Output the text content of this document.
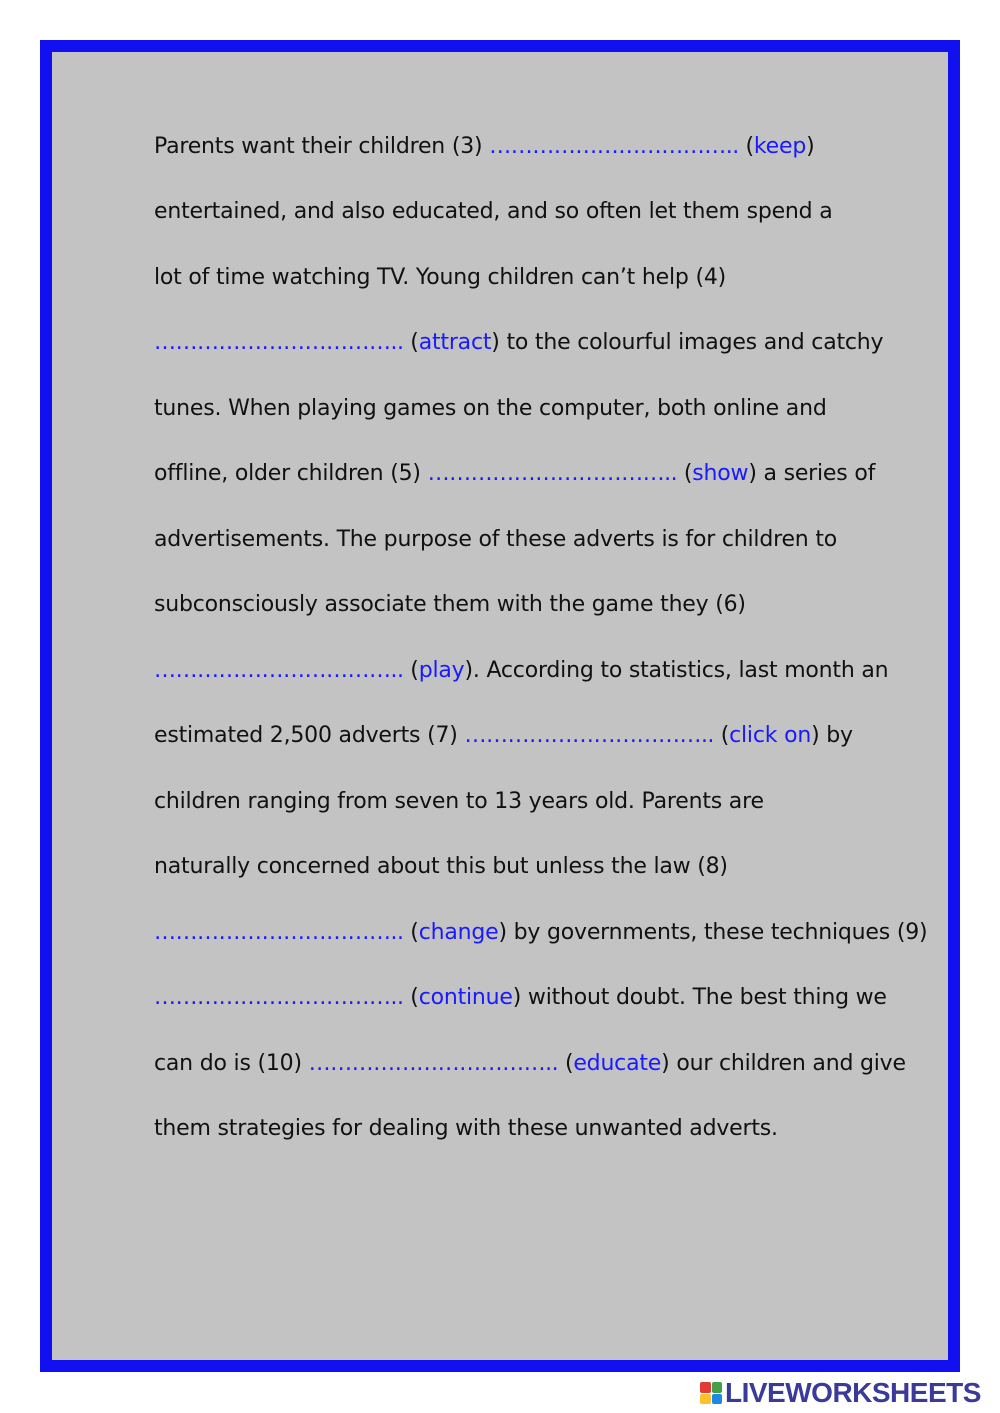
Parents want their children (3) …………………………….. (keep)
entertained, and also educated, and so often let them spend a
lot of time watching TV. Young children can’t help (4)
…………………………….. (attract) to the colourful images and catchy
tunes. When playing games on the computer, both online and
offline, older children (5) …………………………….. (show) a series of
advertisements. The purpose of these adverts is for children to
subconsciously associate them with the game they (6)
…………………………….. (play). According to statistics, last month an
estimated 2,500 adverts (7) …………………………….. (click on) by
children ranging from seven to 13 years old. Parents are
naturally concerned about this but unless the law (8)
…………………………….. (change) by governments, these techniques (9)
…………………………….. (continue) without doubt. The best thing we
can do is (10) …………………………….. (educate) our children and give
them strategies for dealing with these unwanted adverts.
LIVEWORKSHEETS
